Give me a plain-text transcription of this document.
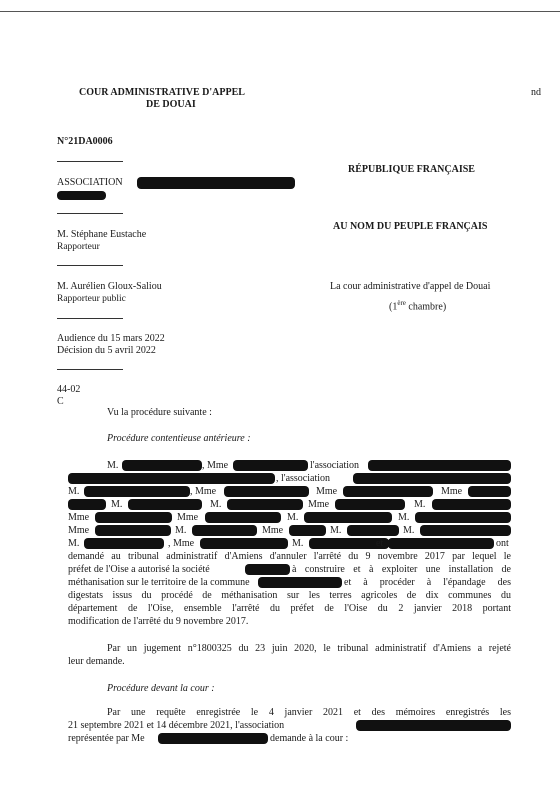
COUR ADMINISTRATIVE D'APPEL
DE DOUAI
nd
N°21DA0006
ASSOCIATION
M. Stéphane Eustache
Rapporteur
M. Aurélien Gloux-Saliou
Rapporteur public
Audience du 15 mars 2022
Décision du 5 avril 2022
44-02
C
RÉPUBLIQUE FRANÇAISE
AU NOM DU PEUPLE FRANÇAIS
La cour administrative d'appel de Douai
(1ère chambre)
Vu la procédure suivante :
Procédure contentieuse antérieure :
M.	, Mme	l'association
, l'association
M.	, Mme	Mme	Mme
M.	M.	Mme	M.
Mme	Mme	M.	M.
Mme	M.	Mme	M.	M.
M.	, Mme	M.	et	ont
demandé au tribunal administratif d'Amiens d'annuler l'arrêté du 9 novembre 2017 par lequel le
préfet de l'Oise a autorisé la société	à construire et à exploiter une installation de
méthanisation sur le territoire de la commune	et à procéder à l'épandage des
digestats issus du procédé de méthanisation sur les terres agricoles de dix communes du
département de l'Oise, ensemble l'arrêté du préfet de l'Oise du 2 janvier 2018 portant
modification de l'arrêté du 9 novembre 2017.
Par un jugement n°1800325 du 23 juin 2020, le tribunal administratif d'Amiens a rejeté
leur demande.
Procédure devant la cour :
Par une requête enregistrée le 4 janvier 2021 et des mémoires enregistrés les
21 septembre 2021 et 14 décembre 2021, l'association
représentée par Me	demande à la cour :
